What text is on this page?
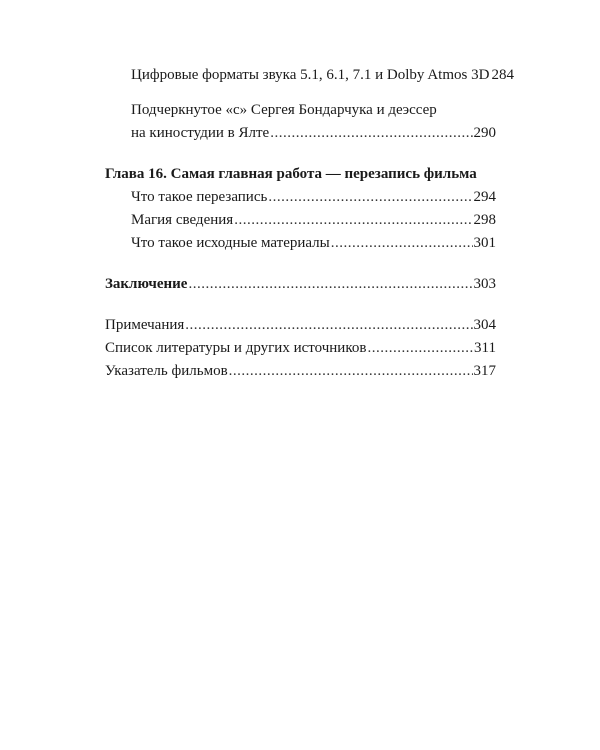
Цифровые форматы звука 5.1, 6.1, 7.1 и Dolby Atmos 3D 284
Подчеркнутое «с» Сергея Бондарчука и деэссер
на киностудии в Ялте .....	290
Глава 16. Самая главная работа — перезапись фильма
Что такое перезапись .....	294
Магия сведения .....	298
Что такое исходные материалы .....	301
Заключение .....	303
Примечания .....	304
Список литературы и других источников .....	311
Указатель фильмов .....	317
